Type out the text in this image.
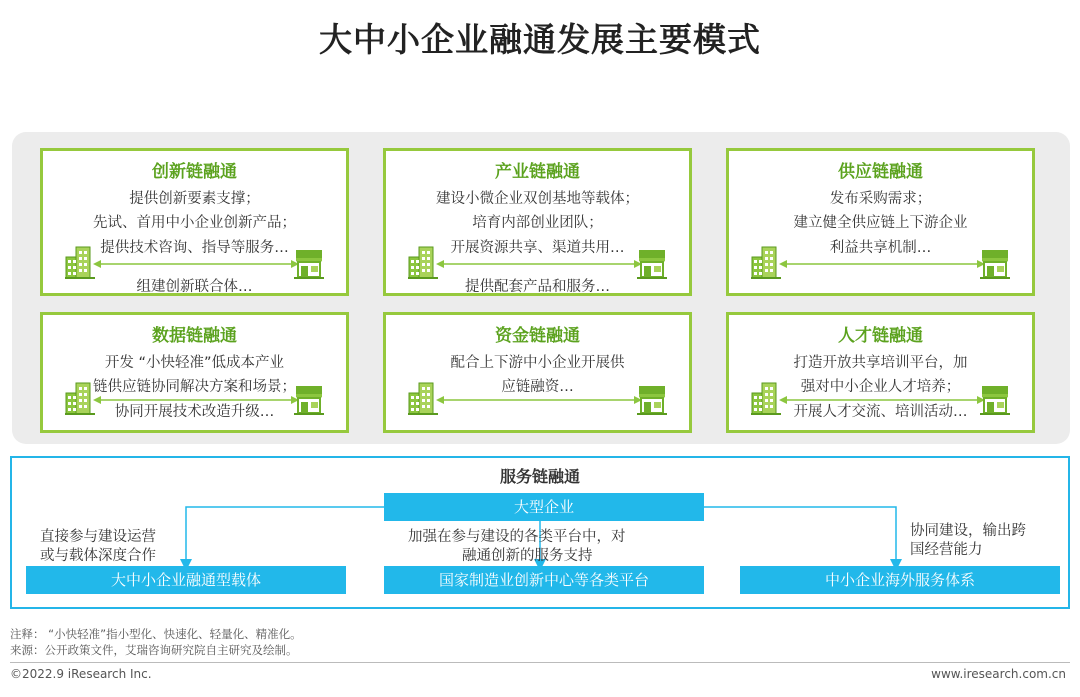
大中小企业融通发展主要模式
创新链融通
提供创新要素支撑；
先试、首用中小企业创新产品；
提供技术咨询、指导等服务…
组建创新联合体…
产业链融通
建设小微企业双创基地等载体；
培育内部创业团队；
开展资源共享、渠道共用…
提供配套产品和服务…
供应链融通
发布采购需求；
建立健全供应链上下游企业
利益共享机制…
数据链融通
开发 “小快轻准”低成本产业
链供应链协同解决方案和场景；
协同开展技术改造升级…
资金链融通
配合上下游中小企业开展供
应链融资…
人才链融通
打造开放共享培训平台，加
强对中小企业人才培养；
开展人才交流、培训活动…
服务链融通
大型企业
直接参与建设运营
或与载体深度合作
加强在参与建设的各类平台中，对
融通创新的服务支持
协同建设，输出跨
国经营能力
大中小企业融通型载体	国家制造业创新中心等各类平台	中小企业海外服务体系
注释： “小快轻准”指小型化、快速化、轻量化、精准化。
来源：公开政策文件，艾瑞咨询研究院自主研究及绘制。
©2022.9 iResearch Inc.	www.iresearch.com.cn
